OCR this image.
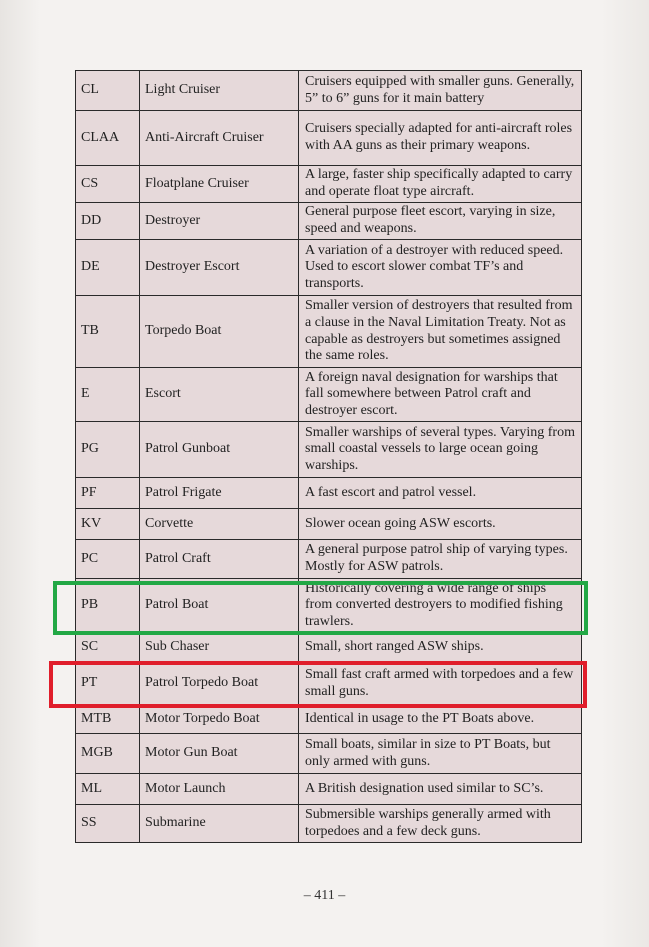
CL	Light Cruiser	Cruisers equipped with smaller guns. Generally, 5” to 6” guns for it main battery
CLAA	Anti-Aircraft Cruiser	Cruisers specially adapted for anti-aircraft roles with AA guns as their primary weapons.
CS	Floatplane Cruiser	A large, faster ship specifically adapted to carry and operate float type aircraft.
DD	Destroyer	General purpose fleet escort, varying in size, speed and weapons.
DE	Destroyer Escort	A variation of a destroyer with reduced speed. Used to escort slower combat TF’s and transports.
TB	Torpedo Boat	Smaller version of destroyers that resulted from a clause in the Naval Limitation Treaty. Not as capable as destroyers but sometimes assigned the same roles.
E	Escort	A foreign naval designation for warships that fall somewhere between Patrol craft and destroyer escort.
PG	Patrol Gunboat	Smaller warships of several types. Varying from small coastal vessels to large ocean going warships.
PF	Patrol Frigate	A fast escort and patrol vessel.
KV	Corvette	Slower ocean going ASW escorts.
PC	Patrol Craft	A general purpose patrol ship of varying types. Mostly for ASW patrols.
PB	Patrol Boat	Historically covering a wide range of ships from converted destroyers to modified fishing trawlers.
SC	Sub Chaser	Small, short ranged ASW ships.
PT	Patrol Torpedo Boat	Small fast craft armed with torpedoes and a few small guns.
MTB	Motor Torpedo Boat	Identical in usage to the PT Boats above.
MGB	Motor Gun Boat	Small boats, similar in size to PT Boats, but only armed with guns.
ML	Motor Launch	A British designation used similar to SC’s.
SS	Submarine	Submersible warships generally armed with torpedoes and a few deck guns.
– 411 –
